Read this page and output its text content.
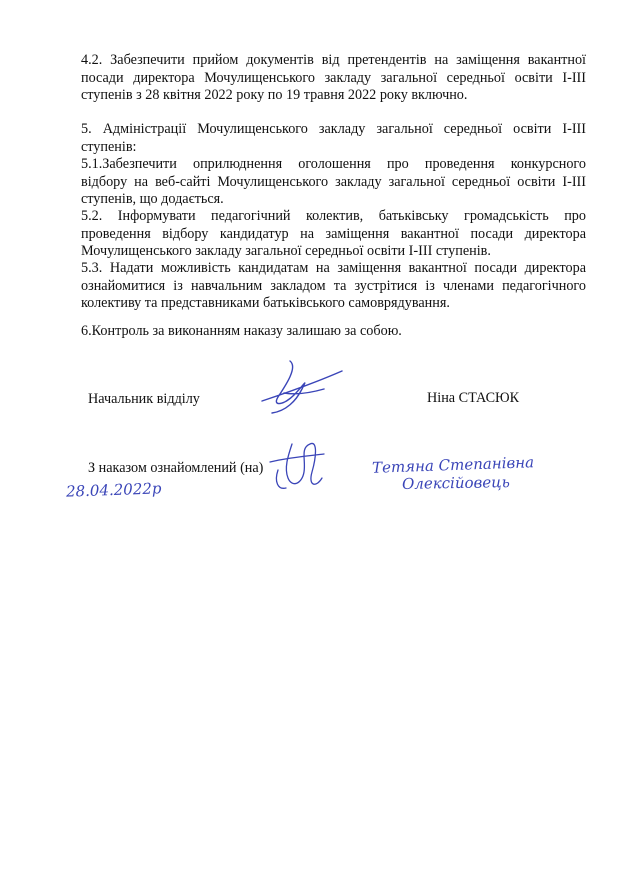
4.2. Забезпечити прийом документів від претендентів на заміщення вакантної
посади директора Мочулищенського закладу загальної середньої освіти І-ІІІ
ступенів з 28 квітня 2022 року по 19 травня 2022 року включно.
5. Адміністрації Мочулищенського закладу загальної середньої освіти І-ІІІ
ступенів:
5.1.Забезпечити оприлюднення оголошення про проведення конкурсного
відбору на веб-сайті Мочулищенського закладу загальної середньої освіти І-ІІІ
ступенів, що додається.
5.2. Інформувати педагогічний колектив, батьківську громадськість про
проведення відбору кандидатур на заміщення вакантної посади директора
Мочулищенського закладу загальної середньої освіти І-ІІІ ступенів.
5.3. Надати можливість кандидатам на заміщення вакантної посади директора
ознайомитися із навчальним закладом та зустрітися із членами педагогічного
колективу та представниками батьківського самоврядування.
6.Контроль за виконанням наказу залишаю за собою.

Начальник відділу	Ніна СТАСЮК

З наказом ознайомлений (на)	Тетяна Степанівна
Олексійовець
28.04.2022р
